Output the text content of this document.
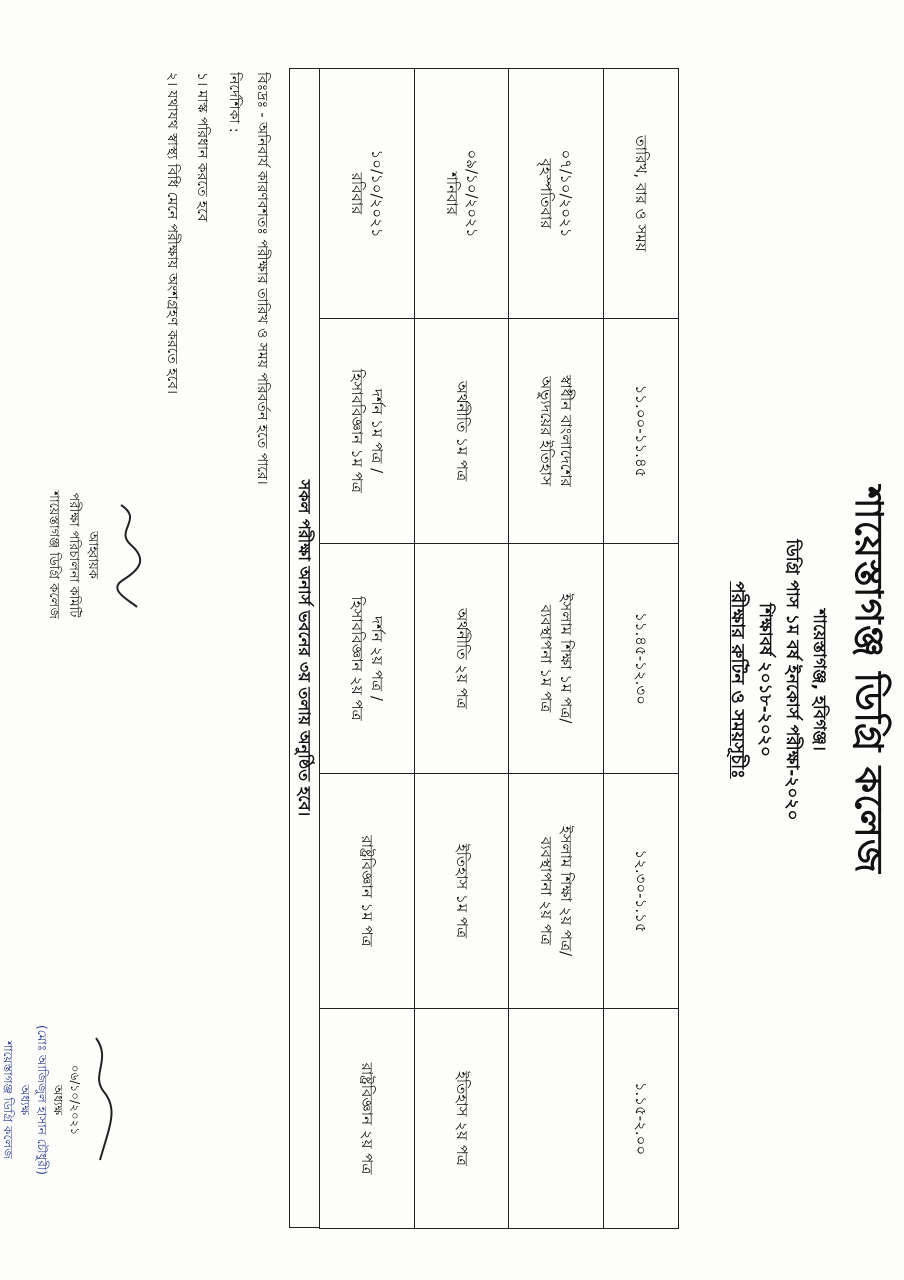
শায়েস্তাগঞ্জ ডিগ্রি কলেজ
শায়েস্তাগঞ্জ, হবিগঞ্জ।
ডিগ্রি পাস ১ম বর্ষ ইনকোর্স পরীক্ষা-২০২০
শিক্ষাবর্ষ ২০১৮-২০২০
পরীক্ষার রুটিন ও সময়সূচীঃ
তারিখ, বার ও সময়	১১.০০-১১.৪৫	১১.৪৫-১২.৩০	১২.৩০-১.১৫	১.১৫-২.০০

০৭/১০/২০২১
বৃহস্পতিবার	স্বাধীন বাংলাদেশের
অভ্যুদয়ের ইতিহাস	ইসলাম শিক্ষা ১ম পত্র/
ব্যবস্থাপনা ১ম পত্র	ইসলাম শিক্ষা ২য় পত্র/
ব্যবস্থাপনা ২য় পত্র	

০৯/১০/২০২১
শনিবার	অর্থনীতি ১ম পত্র	অর্থনীতি ২য় পত্র	ইতিহাস ১ম পত্র	ইতিহাস ২য় পত্র

১০/১০/২০২১
রবিবার	দর্শন ১ম পত্র /
হিসাববিজ্ঞান ১ম পত্র	দর্শন ২য় পত্র /
হিসাববিজ্ঞান ২য় পত্র	রাষ্ট্রবিজ্ঞান ১ম পত্র	রাষ্ট্রবিজ্ঞান ২য় পত্র
সকল পরীক্ষা অনার্স ভবনের ৩য় তলায় অনুষ্ঠিত হবে।
বিঃদ্রঃ - অনিবার্য কারণবশতঃ পরীক্ষার তারিখ ও সময় পরিবর্তন হতে পারে।
নির্দেশিকা :
১। মাস্ক পরিধান করতে হবে
২। যথাযথ স্বাস্থ্য বিধি মেনে পরীক্ষায় অংশগ্রহণ করতে হবে।
আহ্বায়ক
পরীক্ষা পরিচালনা কমিটি
শায়েস্তাগঞ্জ ডিগ্রি কলেজ
০৬/১০/২০২১
অধ্যক্ষ
(মোঃ আজিজুল হাসান চৌধুরী)
অধ্যক্ষ
শায়েস্তাগঞ্জ ডিগ্রি কলেজ
